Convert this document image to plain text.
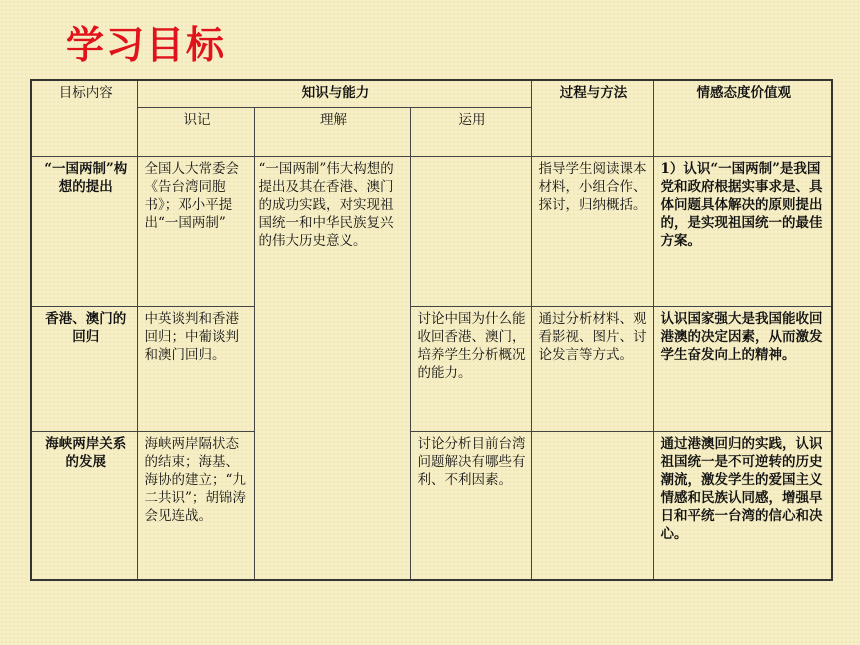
学习目标
目标内容	知识与能力			过程与方法	情感态度价值观
	识记	理解	运用		
“一国两制”构想的提出	全国人大常委会《告台湾同胞书》；邓小平提出“一国两制”	“一国两制”伟大构想的提出及其在香港、澳门的成功实践，对实现祖国统一和中华民族复兴的伟大历史意义。		指导学生阅读课本材料，小组合作、探讨，归纳概括。	1）认识“一国两制”是我国党和政府根据实事求是、具体问题具体解决的原则提出的，是实现祖国统一的最佳方案。
香港、澳门的回归	中英谈判和香港回归；中葡谈判和澳门回归。		讨论中国为什么能收回香港、澳门，培养学生分析概况的能力。	通过分析材料、观看影视、图片、讨论发言等方式。	认识国家强大是我国能收回港澳的决定因素，从而激发学生奋发向上的精神。
海峡两岸关系的发展	海峡两岸隔状态的结束；海基、海协的建立；“九二共识”；胡锦涛会见连战。		讨论分析目前台湾问题解决有哪些有利、不利因素。		通过港澳回归的实践，认识祖国统一是不可逆转的历史潮流，激发学生的爱国主义情感和民族认同感，增强早日和平统一台湾的信心和决心。
